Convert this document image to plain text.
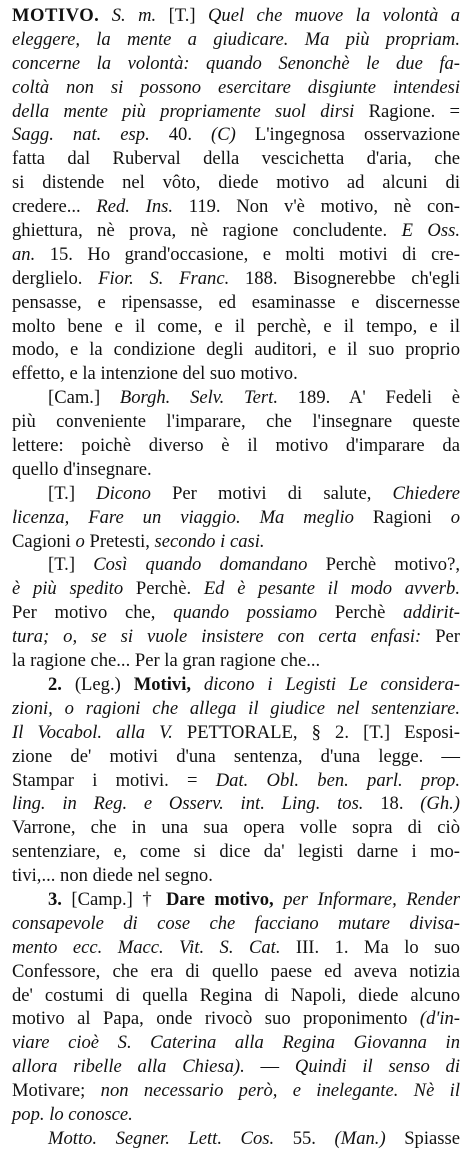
MOTIVO. S. m. [T.] Quel che muove la volontà a
eleggere, la mente a giudicare. Ma più propriam.
concerne la volontà: quando Senonchè le due fa-
coltà non si possono esercitare disgiunte intendesi
della mente più propriamente suol dirsi Ragione. =
Sagg. nat. esp. 40. (C) L'ingegnosa osservazione
fatta dal Ruberval della vescichetta d'aria, che
si distende nel vôto, diede motivo ad alcuni di
credere... Red. Ins. 119. Non v'è motivo, nè con-
ghiettura, nè prova, nè ragione concludente. E Oss.
an. 15. Ho grand'occasione, e molti motivi di cre-
derglielo. Fior. S. Franc. 188. Bisognerebbe ch'egli
pensasse, e ripensasse, ed esaminasse e discernesse
molto bene e il come, e il perchè, e il tempo, e il
modo, e la condizione degli auditori, e il suo proprio
effetto, e la intenzione del suo motivo.
[Cam.] Borgh. Selv. Tert. 189. A' Fedeli è
più conveniente l'imparare, che l'insegnare queste
lettere: poichè diverso è il motivo d'imparare da
quello d'insegnare.
[T.] Dicono Per motivi di salute, Chiedere
licenza, Fare un viaggio. Ma meglio Ragioni o
Cagioni o Pretesti, secondo i casi.
[T.] Così quando domandano Perchè motivo?,
è più spedito Perchè. Ed è pesante il modo avverb.
Per motivo che, quando possiamo Perchè addirit-
tura; o, se si vuole insistere con certa enfasi: Per
la ragione che... Per la gran ragione che...
2. (Leg.) Motivi, dicono i Legisti Le considera-
zioni, o ragioni che allega il giudice nel sentenziare.
Il Vocabol. alla V. PETTORALE, § 2. [T.] Esposi-
zione de' motivi d'una sentenza, d'una legge. —
Stampar i motivi. = Dat. Obl. ben. parl. prop.
ling. in Reg. e Osserv. int. Ling. tos. 18. (Gh.)
Varrone, che in una sua opera volle sopra di ciò
sentenziare, e, come si dice da' legisti darne i mo-
tivi,... non diede nel segno.
3. [Camp.] † Dare motivo, per Informare, Render
consapevole di cose che facciano mutare divisa-
mento ecc. Macc. Vit. S. Cat. III. 1. Ma lo suo
Confessore, che era di quello paese ed aveva notizia
de' costumi di quella Regina di Napoli, diede alcuno
motivo al Papa, onde rivocò suo proponimento (d'in-
viare cioè S. Caterina alla Regina Giovanna in
allora ribelle alla Chiesa). — Quindi il senso di
Motivare; non necessario però, e inelegante. Nè il
pop. lo conosce.
Motto. Segner. Lett. Cos. 55. (Man.) Spiasse
